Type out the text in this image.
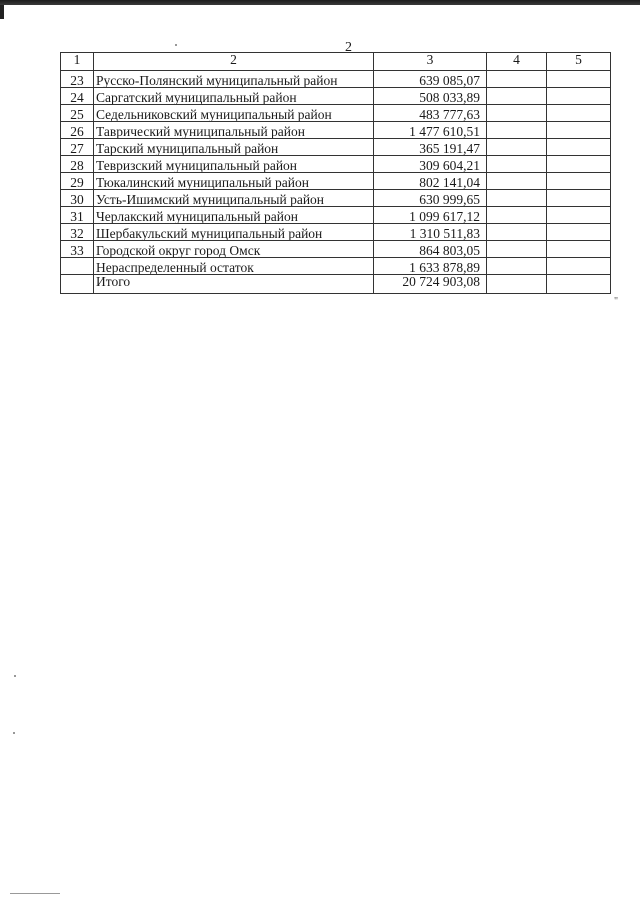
2
1	2	3	4	5
23	Русско-Полянский муниципальный район	639 085,07		
24	Саргатский муниципальный район	508 033,89		
25	Седельниковский муниципальный район	483 777,63		
26	Таврический муниципальный район	1 477 610,51		
27	Тарский муниципальный район	365 191,47		
28	Тевризский муниципальный район	309 604,21		
29	Тюкалинский муниципальный район	802 141,04		
30	Усть-Ишимский муниципальный район	630 999,65		
31	Черлакский муниципальный район	1 099 617,12		
32	Шербакульский муниципальный район	1 310 511,83		
33	Городской округ город Омск	864 803,05		
	Нераспределенный остаток	1 633 878,89		
	Итого	20 724 903,08		
"
